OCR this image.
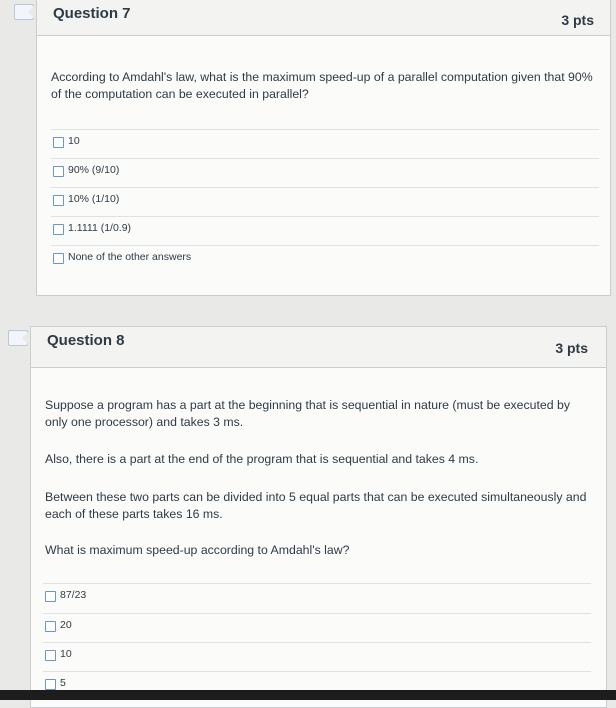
Question 7	3 pts
According to Amdahl's law, what is the maximum speed-up of a parallel computation given that 90% of the computation can be executed in parallel?
10
90% (9/10)
10% (1/10)
1.1111 (1/0.9)
None of the other answers
Question 8	3 pts
Suppose a program has a part at the beginning that is sequential in nature (must be executed by only one processor) and takes 3 ms.
Also, there is a part at the end of the program that is sequential and takes 4 ms.
Between these two parts can be divided into 5 equal parts that can be executed simultaneously and each of these parts takes 16 ms.
What is maximum speed-up according to Amdahl's law?
87/23
20
10
5
